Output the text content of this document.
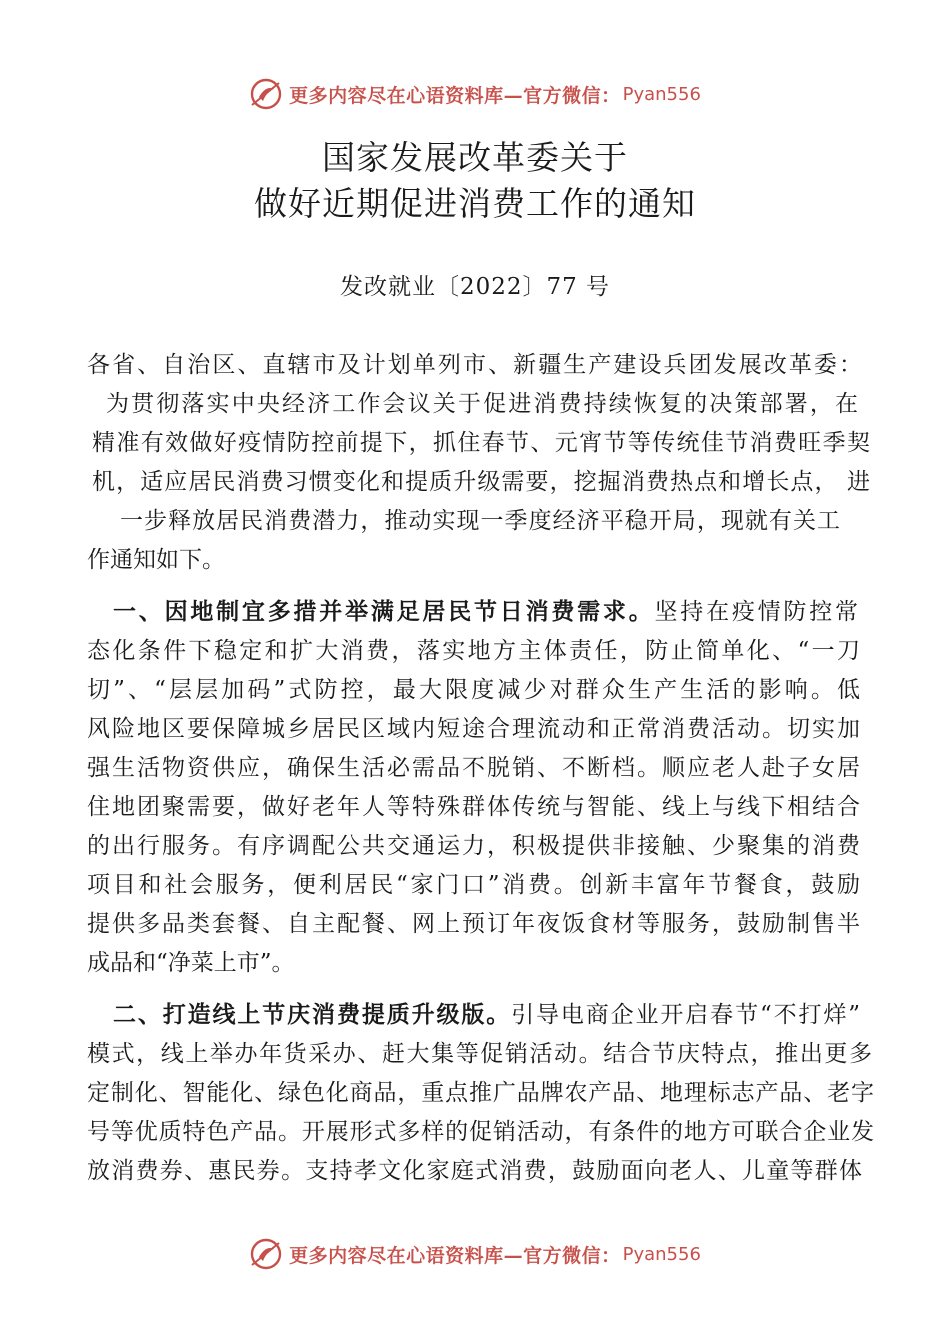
更多内容尽在心语资料库—官方微信： Pyan556
国家发展改革委关于
做好近期促进消费工作的通知
发改就业〔2022〕77 号
各省、自治区、直辖市及计划单列市、新疆生产建设兵团发展改革委：
为贯彻落实中央经济工作会议关于促进消费持续恢复的决策部署，在
精准有效做好疫情防控前提下，抓住春节、元宵节等传统佳节消费旺季契
机，适应居民消费习惯变化和提质升级需要，挖掘消费热点和增长点， 进
一步释放居民消费潜力，推动实现一季度经济平稳开局，现就有关工
作通知如下。
一、因地制宜多措并举满足居民节日消费需求。坚持在疫情防控常
态化条件下稳定和扩大消费，落实地方主体责任，防止简单化、“一刀
切”、“层层加码”式防控，最大限度减少对群众生产生活的影响。低
风险地区要保障城乡居民区域内短途合理流动和正常消费活动。切实加
强生活物资供应，确保生活必需品不脱销、不断档。顺应老人赴子女居
住地团聚需要，做好老年人等特殊群体传统与智能、线上与线下相结合
的出行服务。有序调配公共交通运力，积极提供非接触、少聚集的消费
项目和社会服务，便利居民“家门口”消费。创新丰富年节餐食，鼓励
提供多品类套餐、自主配餐、网上预订年夜饭食材等服务，鼓励制售半
成品和“净菜上市”。
二、打造线上节庆消费提质升级版。引导电商企业开启春节“不打烊”
模式，线上举办年货采办、赶大集等促销活动。结合节庆特点，推出更多
定制化、智能化、绿色化商品，重点推广品牌农产品、地理标志产品、老字
号等优质特色产品。开展形式多样的促销活动，有条件的地方可联合企业发
放消费券、惠民券。支持孝文化家庭式消费，鼓励面向老人、儿童等群体
更多内容尽在心语资料库—官方微信： Pyan556
